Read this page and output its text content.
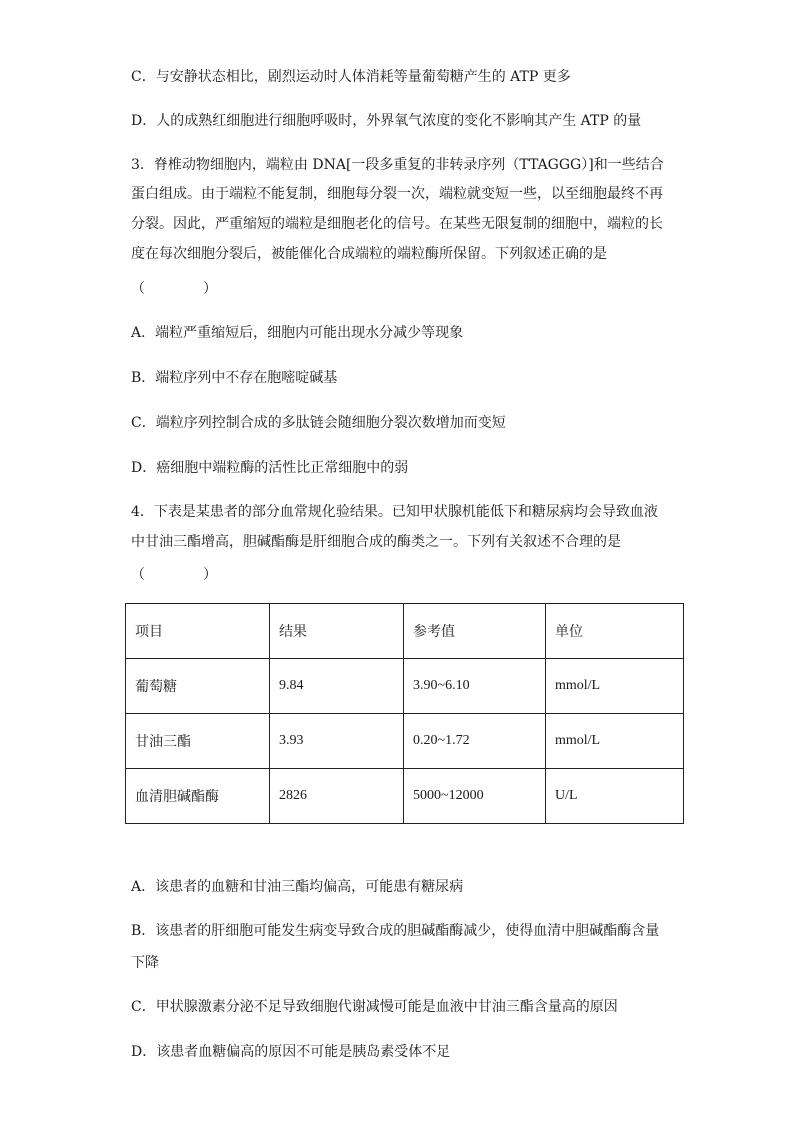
C．与安静状态相比，剧烈运动时人体消耗等量葡萄糖产生的 ATP 更多
D．人的成熟红细胞进行细胞呼吸时，外界氧气浓度的变化不影响其产生 ATP 的量
3．脊椎动物细胞内，端粒由 DNA[一段多重复的非转录序列（TTAGGG）]和一些结合
蛋白组成。由于端粒不能复制，细胞每分裂一次，端粒就变短一些，以至细胞最终不再
分裂。因此，严重缩短的端粒是细胞老化的信号。在某些无限复制的细胞中，端粒的长
度在每次细胞分裂后，被能催化合成端粒的端粒酶所保留。下列叙述正确的是
（	）
A．端粒严重缩短后，细胞内可能出现水分减少等现象
B．端粒序列中不存在胞嘧啶碱基
C．端粒序列控制合成的多肽链会随细胞分裂次数增加而变短
D．癌细胞中端粒酶的活性比正常细胞中的弱
4．下表是某患者的部分血常规化验结果。已知甲状腺机能低下和糖尿病均会导致血液
中甘油三酯增高，胆碱酯酶是肝细胞合成的酶类之一。下列有关叙述不合理的是
（	）
项目	结果	参考值	单位
葡萄糖	9.84	3.90~6.10	mmol/L
甘油三酯	3.93	0.20~1.72	mmol/L
血清胆碱酯酶	2826	5000~12000	U/L
A．该患者的血糖和甘油三酯均偏高，可能患有糖尿病
B．该患者的肝细胞可能发生病变导致合成的胆碱酯酶减少，使得血清中胆碱酯酶含量
下降
C．甲状腺激素分泌不足导致细胞代谢减慢可能是血液中甘油三酯含量高的原因
D．该患者血糖偏高的原因不可能是胰岛素受体不足
